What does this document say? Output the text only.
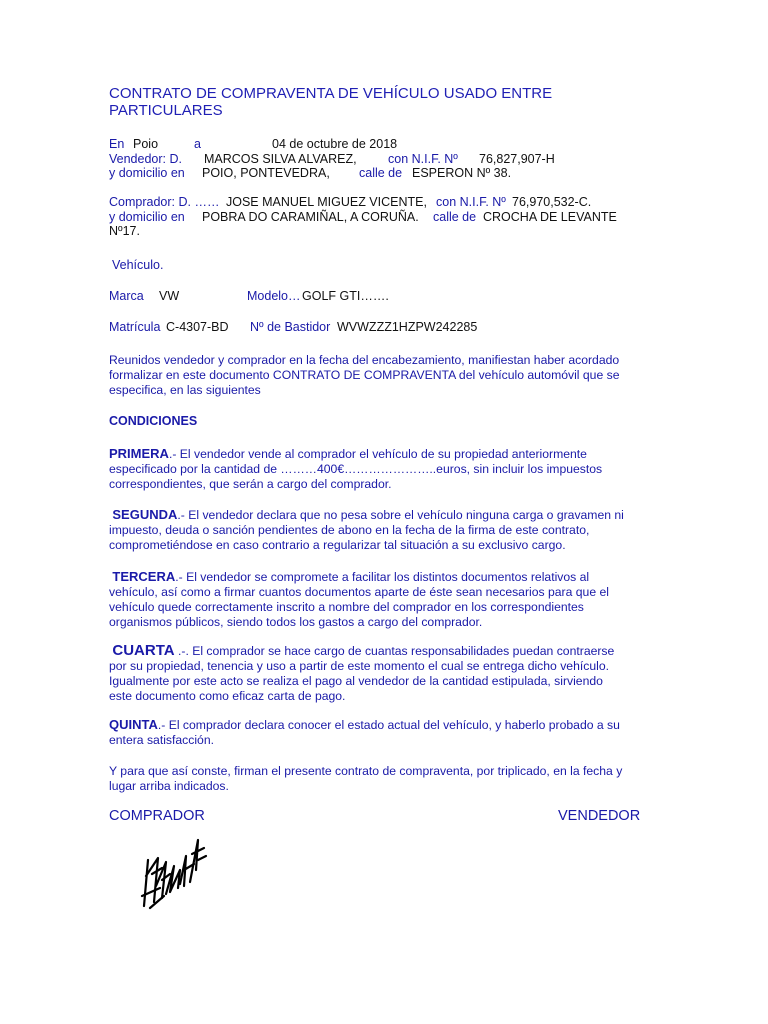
CONTRATO DE COMPRAVENTA DE VEHÍCULO USADO ENTRE PARTICULARES
En Poio	a	04 de octubre de 2018
Vendedor: D. MARCOS SILVA ALVAREZ,	con N.I.F. Nº 76,827,907-H
y domicilio en POIO, PONTEVEDRA, calle de ESPERON Nº 38.
Comprador: D. …… JOSE MANUEL MIGUEZ VICENTE, con N.I.F. Nº 76,970,532-C.
y domicilio en POBRA DO CARAMIÑAL, A CORUÑA. calle de CROCHA DE LEVANTE
Nº17.
Vehículo.
Marca VW	Modelo… GOLF GTI…….
Matrícula C-4307-BD Nº de Bastidor WVWZZZ1HZPW242285
Reunidos vendedor y comprador en la fecha del encabezamiento, manifiestan haber acordado
formalizar en este documento CONTRATO DE COMPRAVENTA del vehículo automóvil que se
especifica, en las siguientes
CONDICIONES
PRIMERA.- El vendedor vende al comprador el vehículo de su propiedad anteriormente
especificado por la cantidad de ………400€…………………..euros, sin incluir los impuestos
correspondientes, que serán a cargo del comprador.
SEGUNDA.- El vendedor declara que no pesa sobre el vehículo ninguna carga o gravamen ni
impuesto, deuda o sanción pendientes de abono en la fecha de la firma de este contrato,
comprometiéndose en caso contrario a regularizar tal situación a su exclusivo cargo.
TERCERA.- El vendedor se compromete a facilitar los distintos documentos relativos al
vehículo, así como a firmar cuantos documentos aparte de éste sean necesarios para que el
vehículo quede correctamente inscrito a nombre del comprador en los correspondientes
organismos públicos, siendo todos los gastos a cargo del comprador.
CUARTA .-. El comprador se hace cargo de cuantas responsabilidades puedan contraerse
por su propiedad, tenencia y uso a partir de este momento el cual se entrega dicho vehículo.
Igualmente por este acto se realiza el pago al vendedor de la cantidad estipulada, sirviendo
este documento como eficaz carta de pago.
QUINTA.- El comprador declara conocer el estado actual del vehículo, y haberlo probado a su
entera satisfacción.
Y para que así conste, firman el presente contrato de compraventa, por triplicado, en la fecha y
lugar arriba indicados.
COMPRADOR	VENDEDOR
